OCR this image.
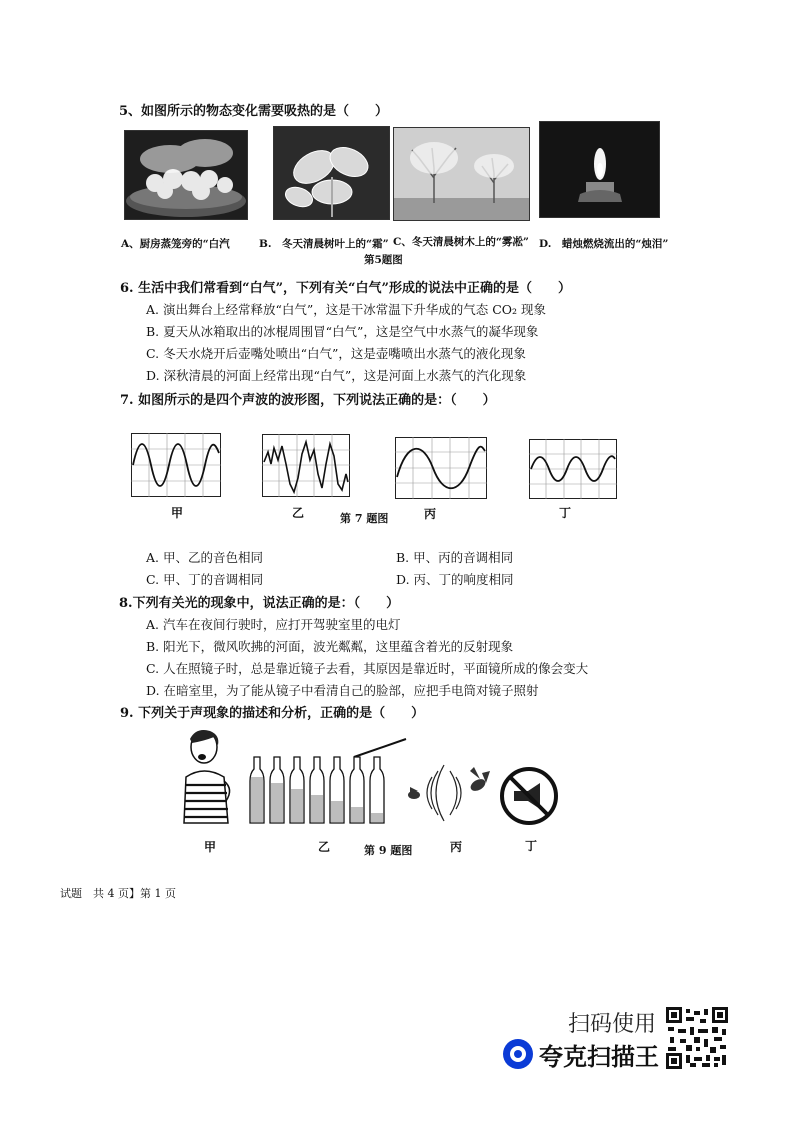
5、如图所示的物态变化需要吸热的是（　　）
A、厨房蒸笼旁的“白汽	B.　冬天清晨树叶上的“霜” C、冬天清晨树木上的“雾凇” D.　蜡烛燃烧流出的“烛泪”
第5题图
6. 生活中我们常看到“白气”，下列有关“白气”形成的说法中正确的是（　　）
A. 演出舞台上经常释放“白气”，这是干冰常温下升华成的气态 CO₂ 现象
B. 夏天从冰箱取出的冰棍周围冒“白气”，这是空气中水蒸气的凝华现象
C. 冬天水烧开后壶嘴处喷出“白气”，这是壶嘴喷出水蒸气的液化现象
D. 深秋清晨的河面上经常出现“白气”，这是河面上水蒸气的汽化现象
7. 如图所示的是四个声波的波形图，下列说法正确的是：（　　）
甲	乙	第 7 题图	丙	丁
A. 甲、乙的音色相同	B. 甲、丙的音调相同
C. 甲、丁的音调相同	D. 丙、丁的响度相同
8.下列有关光的现象中，说法正确的是：（　　）
A. 汽车在夜间行驶时，应打开驾驶室里的电灯
B. 阳光下，微风吹拂的河面，波光粼粼，这里蕴含着光的反射现象
C. 人在照镜子时，总是靠近镜子去看，其原因是靠近时，平面镜所成的像会变大
D. 在暗室里，为了能从镜子中看清自己的脸部，应把手电筒对镜子照射
9. 下列关于声现象的描述和分析，正确的是（　　）
甲	乙	第 9 题图	丙	丁
试题　共 4 页】第 1 页
扫码使用
夸克扫描王
